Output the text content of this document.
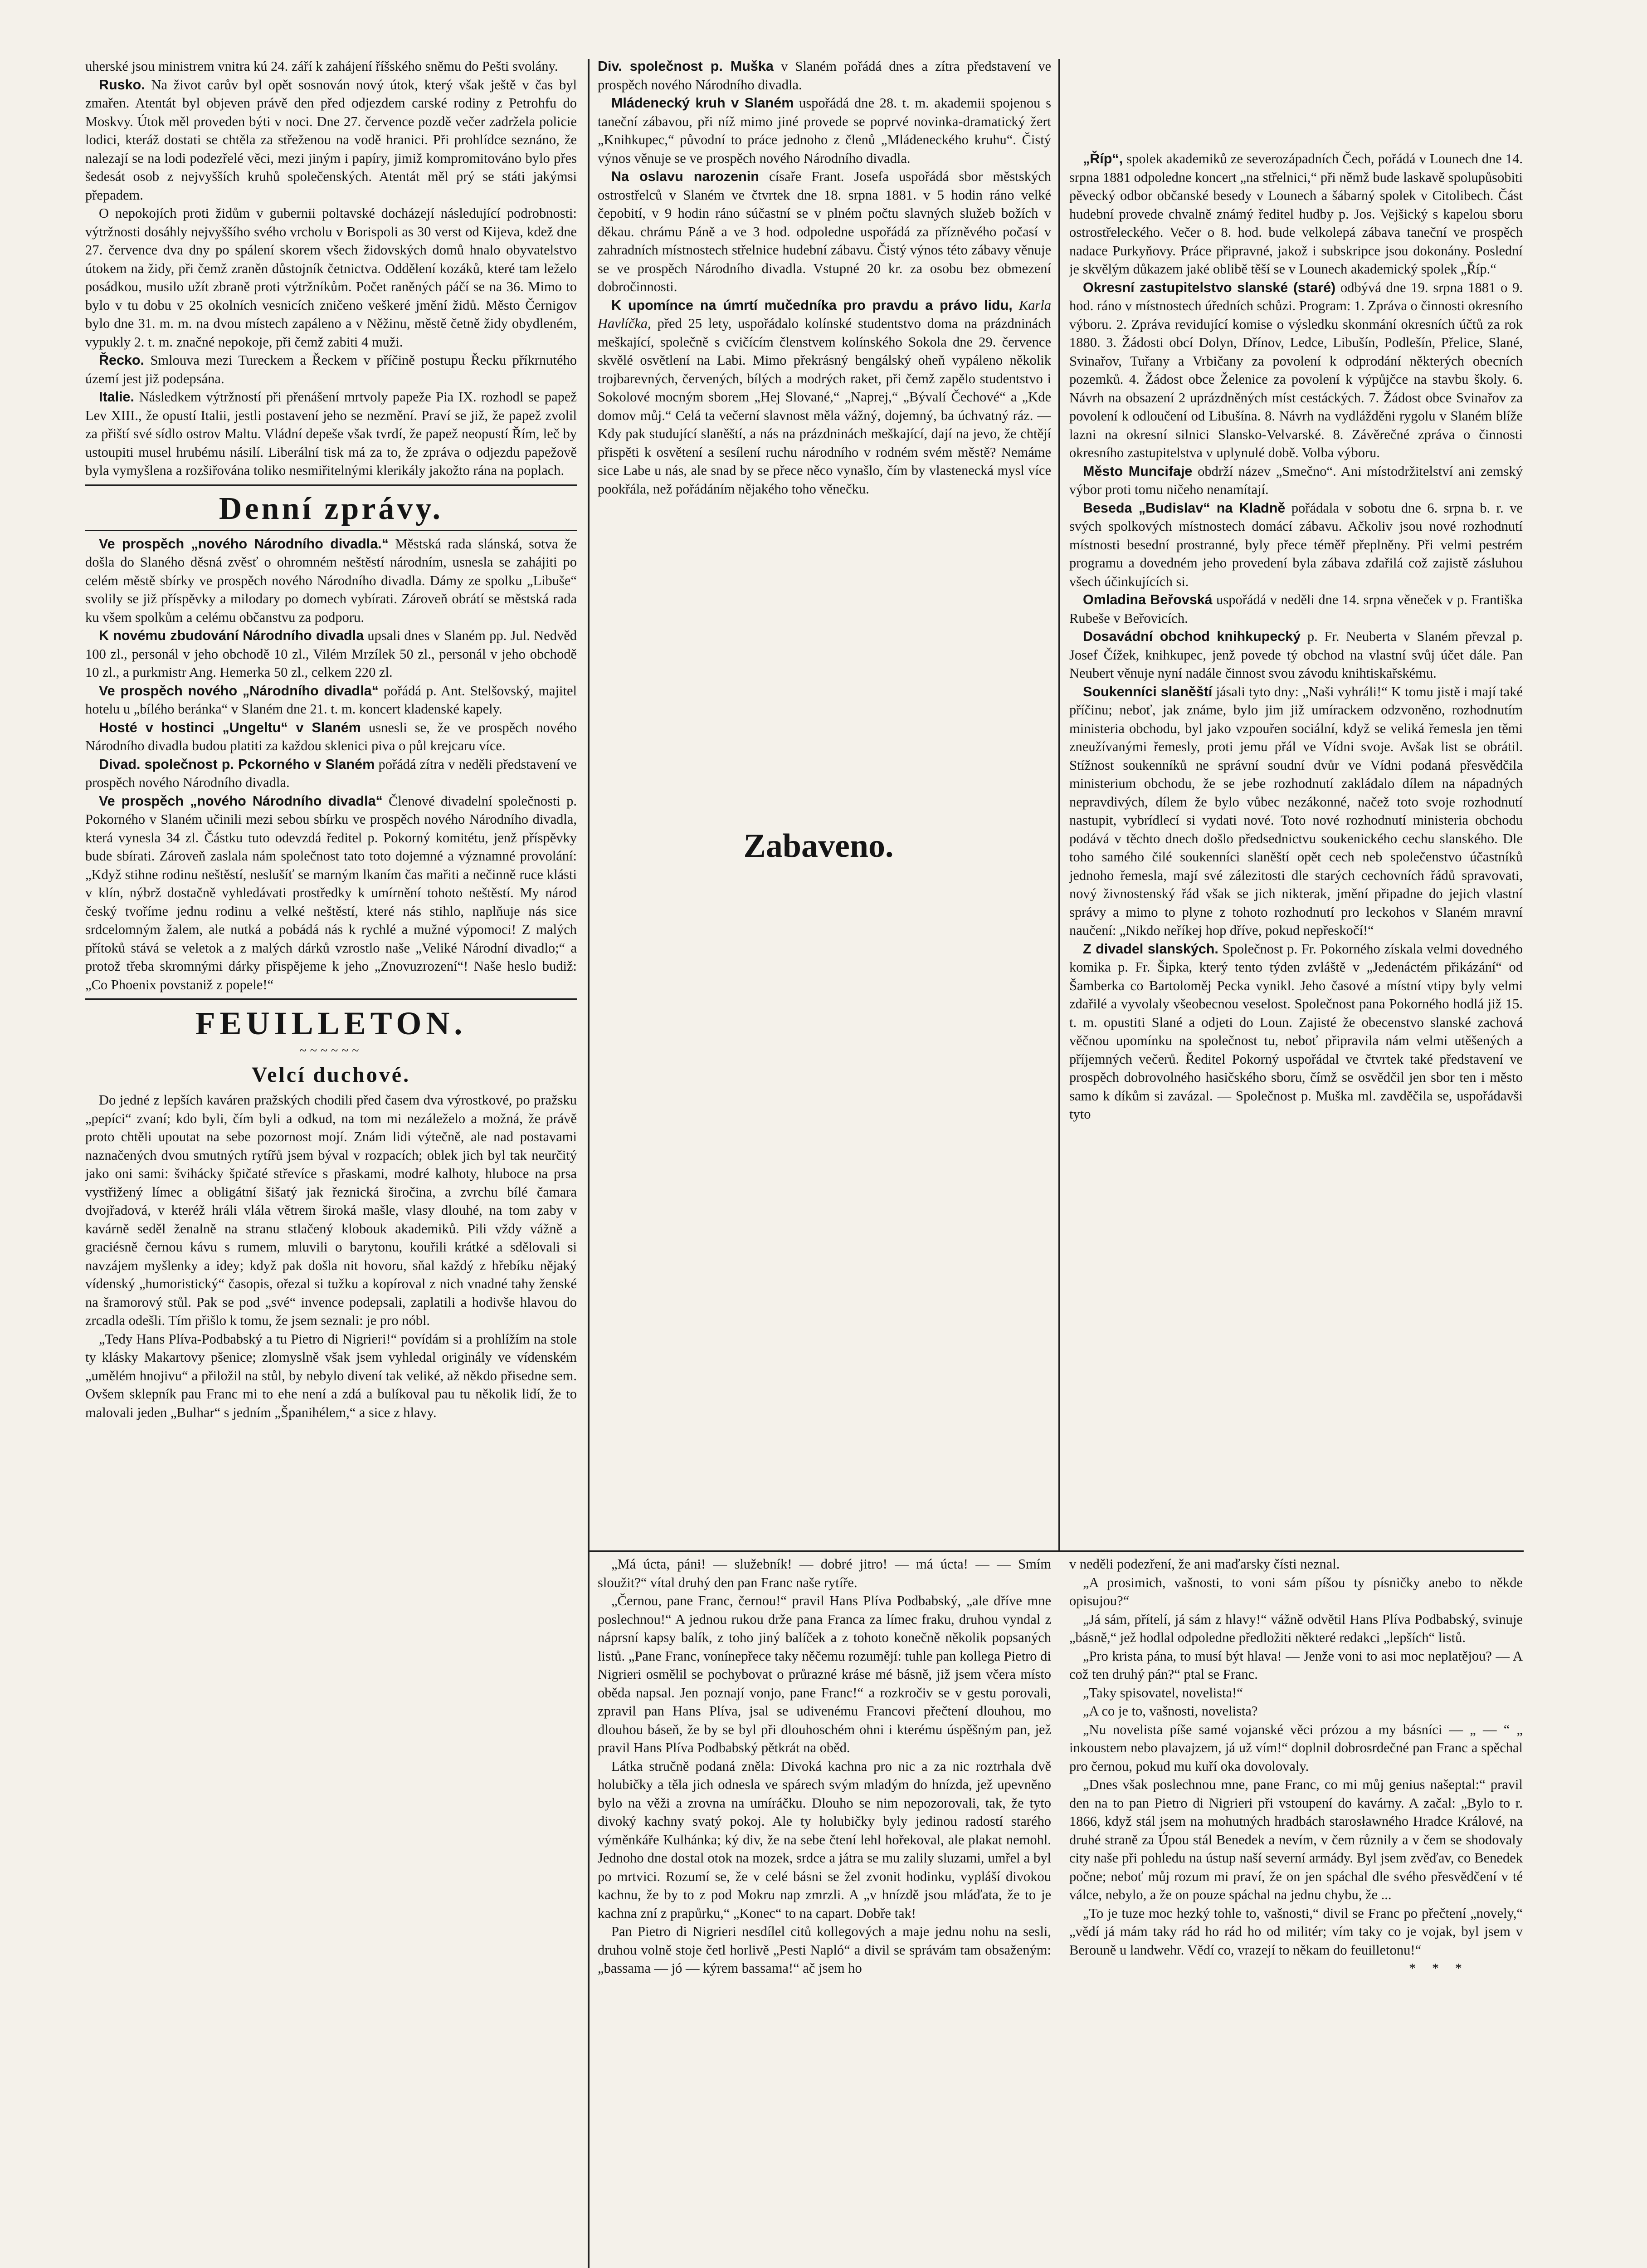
uherské jsou ministrem vnitra kú 24. září k zahájení říšského sněmu do Pešti svolány.

Rusko. Na život carův byl opět sosnován nový útok, který však ještě v čas byl zmařen. Atentát byl objeven právě den před odjezdem carské rodiny z Petrohfu do Moskvy. Útok měl proveden býti v noci. Dne 27. července pozdě večer zadržela policie lodici, kteráž dostati se chtěla za střeženou na vodě hranici. Při prohlídce seznáno, že nalezají se na lodi podezřelé věci, mezi jiným i papíry, jimiž kompromitováno bylo přes šedesát osob z nejvyšších kruhů společenských. Atentát měl prý se státi jakýmsi přepadem.

O nepokojích proti židům v gubernii poltavské docházejí následující podrobnosti: výtržnosti dosáhly nejvyššího svého vrcholu v Borispoli as 30 verst od Kijeva, kdež dne 27. července dva dny po spálení skorem všech židovských domů hnalo obyvatelstvo útokem na židy, při čemž zraněn důstojník četnictva. Oddělení kozáků, které tam leželo posádkou, musilo užít zbraně proti výtržníkům. Počet raněných páčí se na 36. Mimo to bylo v tu dobu v 25 okolních vesnicích zničeno veškeré jmění židů. Město Černigov bylo dne 31. m. m. na dvou místech zapáleno a v Něžinu, městě četně židy obydleném, vypukly 2. t. m. značné nepokoje, při čemž zabiti 4 muži.

Řecko. Smlouva mezi Tureckem a Řeckem v příčině postupu Řecku příkrnutého území jest již podepsána.

Italie. Následkem výtržností při přenášení mrtvoly papeže Pia IX. rozhodl se papež Lev XIII., že opustí Italii, jestli postavení jeho se nezmění. Praví se již, že papež zvolil za přiští své sídlo ostrov Maltu. Vládní depeše však tvrdí, že papež neopustí Řím, leč by ustoupiti musel hrubému násilí. Liberální tisk má za to, že zpráva o odjezdu papežově byla vymyšlena a rozšiřována toliko nesmiřitelnými klerikály jakožto rána na poplach.

Denní zprávy.

Ve prospěch „nového Národního divadla.“ Městská rada slánská, sotva že došla do Slaného děsná zvěsť o ohromném neštěstí národním, usnesla se zahájiti po celém městě sbírky ve prospěch nového Národního divadla. Dámy ze spolku „Libuše“ svolily se již příspěvky a milodary po domech vybírati. Zároveň obrátí se městská rada ku všem spolkům a celému občanstvu za podporu.

K novému zbudování Národního divadla upsali dnes v Slaném pp. Jul. Nedvěd 100 zl., personál v jeho obchodě 10 zl., Vilém Mrzílek 50 zl., personál v jeho obchodě 10 zl., a purkmistr Ang. Hemerka 50 zl., celkem 220 zl.

Ve prospěch nového „Národního divadla“ pořádá p. Ant. Stelšovský, majitel hotelu u „bílého beránka“ v Slaném dne 21. t. m. koncert kladenské kapely.

Hosté v hostinci „Ungeltu“ v Slaném usnesli se, že ve prospěch nového Národního divadla budou platiti za každou sklenici piva o půl krejcaru více.

Divad. společnost p. Pckorného v Slaném pořádá zítra v neděli představení ve prospěch nového Národního divadla.

Ve prospěch „nového Národního divadla“ Členové divadelní společnosti p. Pokorného v Slaném učinili mezi sebou sbírku ve prospěch nového Národního divadla, která vynesla 34 zl. Částku tuto odevzdá ředitel p. Pokorný komitétu, jenž příspěvky bude sbírati. Zároveň zaslala nám společnost tato toto dojemné a významné provolání: „Když stihne rodinu neštěstí, neslušíť se marným lkaním čas mařiti a nečinně ruce klásti v klín, nýbrž dostačně vyhledávati prostředky k umírnění tohoto neštěstí. My národ český tvoříme jednu rodinu a velké neštěstí, které nás stihlo, naplňuje nás sice srdcelomným žalem, ale nutká a pobádá nás k rychlé a mužné výpomoci! Z malých přítoků stává se veletok a z malých dárků vzrostlo naše „Veliké Národní divadlo;“ a protož třeba skromnými dárky přispějeme k jeho „Znovuzrození“! Naše heslo budiž: „Co Phoenix povstaniž z popele!“

FEUILLETON.
~~~~~~
Velcí duchové.

Do jedné z lepších kaváren pražských chodili před časem dva výrostkové, po pražsku „pepíci“ zvaní; kdo byli, čím byli a odkud, na tom mi nezáleželo a možná, že právě proto chtěli upoutat na sebe pozornost mojí. Znám lidi výtečně, ale nad postavami naznačených dvou smutných rytířů jsem býval v rozpacích; oblek jich byl tak neurčitý jako oni sami: švihácky špičaté střevíce s přaskami, modré kalhoty, hluboce na prsa vystřižený límec a obligátní šišatý jak řeznická širočina, a zvrchu bílé čamara dvojřadová, v kteréž hráli vlála větrem široká mašle, vlasy dlouhé, na tom zaby v kavárně seděl ženalně na stranu stlačený klobouk akademiků. Pili vždy vážně a graciésně černou kávu s rumem, mluvili o barytonu, kouřili krátké a sdělovali si navzájem myšlenky a idey; když pak došla nit hovoru, sňal každý z hřebíku nějaký vídenský „humoristický“ časopis, ořezal si tužku a kopíroval z nich vnadné tahy ženské na šramorový stůl. Pak se pod „své“ invence podepsali, zaplatili a hodivše hlavou do zrcadla odešli. Tím přišlo k tomu, že jsem seznali: je pro nóbl.

„Tedy Hans Plíva-Podbabský a tu Pietro di Nigrieri!“ povídám si a prohlížím na stole ty klásky Makartovy pšenice; zlomyslně však jsem vyhledal originály ve vídenském „umělém hnojivu“ a přiložil na stůl, by nebylo divení tak veliké, až někdo přisedne sem. Ovšem sklepník pau Franc mi to ehe není a zdá a bulíkoval pau tu několik lidí, že to malovali jeden „Bulhar“ s jedním „Španihélem,“ a sice z hlavy.

Div. společnost p. Muška v Slaném pořádá dnes a zítra představení ve prospěch nového Národního divadla.

Mládenecký kruh v Slaném uspořádá dne 28. t. m. akademii spojenou s taneční zábavou, při níž mimo jiné provede se poprvé novinka-dramatický žert „Knihkupec,“ původní to práce jednoho z členů „Mládeneckého kruhu“. Čistý výnos věnuje se ve prospěch nového Národního divadla.

Na oslavu narozenin císaře Frant. Josefa uspořádá sbor městských ostrostřelců v Slaném ve čtvrtek dne 18. srpna 1881. v 5 hodin ráno velké čepobití, v 9 hodin ráno súčastní se v plném počtu slavných služeb božích v děkau. chrámu Páně a ve 3 hod. odpoledne uspořádá za přízněvého počasí v zahradních místnostech střelnice hudební zábavu. Čistý výnos této zábavy věnuje se ve prospěch Národního divadla. Vstupné 20 kr. za osobu bez obmezení dobročinnosti.

K upomínce na úmrtí mučedníka pro pravdu a právo lidu, Karla Havlíčka, před 25 lety, uspořádalo kolínské studentstvo doma na prázdninách meškající, společně s cvičícím členstvem kolínského Sokola dne 29. července skvělé osvětlení na Labi. Mimo překrásný bengálský oheň vypáleno několik trojbarevných, červených, bílých a modrých raket, při čemž zapělo studentstvo i Sokolové mocným sborem „Hej Slované,“ „Naprej,“ „Bývalí Čechové“ a „Kde domov můj.“ Celá ta večerní slavnost měla vážný, dojemný, ba úchvatný ráz. — Kdy pak studující slaněští, a nás na prázdninách meškající, dají na jevo, že chtějí přispěti k osvětení a sesílení ruchu národního v rodném svém městě? Nemáme sice Labe u nás, ale snad by se přece něco vynašlo, čím by vlastenecká mysl více pookřála, než pořádáním nějakého toho věnečku.

Zabaveno.

„Má úcta, páni! — služebník! — dobré jitro! — má úcta! — — Smím sloužit?“ vítal druhý den pan Franc naše rytíře.

„Černou, pane Franc, černou!“ pravil Hans Plíva Podbabský, „ale dříve mne poslechnou!“ A jednou rukou drže pana Franca za límec fraku, druhou vyndal z náprsní kapsy balík, z toho jiný balíček a z tohoto konečně několik popsaných listů. „Pane Franc, vonínepřece taky něčemu rozumějí: tuhle pan kollega Pietro di Nigrieri osmělil se pochybovat o průrazné kráse mé básně, již jsem včera místo oběda napsal. Jen poznají vonjo, pane Franc!“ a rozkročiv se v gestu porovali, zpravil pan Hans Plíva, jsal se udivenému Francovi přečtení dlouhou, mo dlouhou báseň, že by se byl při dlouhoschém ohni i kterému úspěšným pan, jež pravil Hans Plíva Podbabský pětkrát na oběd.

Látka stručně podaná zněla: Divoká kachna pro nic a za nic roztrhala dvě holubičky a těla jich odnesla ve spárech svým mladým do hnízda, jež upevněno bylo na věži a zrovna na umíráčku. Dlouho se nim nepozorovali, tak, že tyto divoký kachny svatý pokoj. Ale ty holubičky byly jedinou radostí starého výměnkáře Kulhánka; ký div, že na sebe čtení lehl hořekoval, ale plakat nemohl. Jednoho dne dostal otok na mozek, srdce a játra se mu zalily sluzami, umřel a byl po mrtvici. Rozumí se, že v celé básni se žel zvonit hodinku, vypláší divokou kachnu, že by to z pod Mokru nap zmrzli. A „v hnízdě jsou mláďata, že to je kachna zní z prapůrku,“ „Konec“ to na capart. Dobře tak!

Pan Pietro di Nigrieri nesdílel citů kollegových a maje jednu nohu na sesli, druhou volně stoje četl horlivě „Pesti Napló“ a divil se správám tam obsaženým: „bassama — jó — kýrem bassama!“ ač jsem ho

„Říp“, spolek akademiků ze severozápadních Čech, pořádá v Lounech dne 14. srpna 1881 odpoledne koncert „na střelnici,“ při němž bude laskavě spolupůsobiti pěvecký odbor občanské besedy v Lounech a šábarný spolek v Citolibech. Část hudební provede chvalně známý ředitel hudby p. Jos. Vejšický s kapelou sboru ostrostřeleckého. Večer o 8. hod. bude velkolepá zábava taneční ve prospěch nadace Purkyňovy. Práce připravné, jakož i subskripce jsou dokonány. Poslední je skvělým důkazem jaké oblibě těší se v Lounech akademický spolek „Říp.“

Okresní zastupitelstvo slanské (staré) odbývá dne 19. srpna 1881 o 9. hod. ráno v místnostech úředních schůzi. Program: 1. Zpráva o činnosti okresního výboru. 2. Zpráva revidující komise o výsledku skonmání okresních účtů za rok 1880. 3. Žádosti obcí Dolyn, Dřínov, Ledce, Libušín, Podlešín, Přelice, Slané, Svinařov, Tuřany a Vrbičany za povolení k odprodání některých obecních pozemků. 4. Žádost obce Želenice za povolení k výpůjčce na stavbu školy. 6. Návrh na obsazení 2 uprázdněných míst cestáckých. 7. Žádost obce Svinařov za povolení k odloučení od Libušína. 8. Návrh na vydlážděni rygolu v Slaném blíže laznі na okresní silnici Slansko-Velvarské. 8. Závěrečné zpráva o činnosti okresního zastupitelstva v uplynulé době. Volba výboru.

Město Muncifaje obdrží název „Smečno“. Ani místodržitelství ani zemský výbor proti tomu ničeho nenamítají.

Beseda „Budislav“ na Kladně pořádala v sobotu dne 6. srpna b. r. ve svých spolkových místnostech domácí zábavu. Ačkoliv jsou nové rozhodnutí místnosti besední prostranné, byly přece téměř přeplněny. Při velmi pestrém programu a dovedném jeho provedení byla zábava zdařilá což zajistě zásluhou všech účinkujících si.

Omladina Beřovská uspořádá v neděli dne 14. srpna věneček v p. Františka Rubeše v Beřovicích.

Dosavádní obchod knihkupecký p. Fr. Neuberta v Slaném převzal p. Josef Čížek, knihkupec, jenž povede tý obchod na vlastní svůj účet dále. Pan Neubert věnuje nyní nadále činnost svou závodu knihtiskařskému.

Soukenníci slaněští jásali tyto dny: „Naši vyhráli!“ K tomu jistě i mají také příčinu; neboť, jak známe, bylo jim již umírackem odzvoněno, rozhodnutím ministeria obchodu, byl jako vzpouřen sociální, když se veliká řemesla jen těmi zneužívanými řemesly, proti jemu přál ve Vídni svoje. Avšak list se obrátil. Stížnost soukenníků ne správní soudní dvůr ve Vídni podaná přesvědčila ministerium obchodu, že se jebe rozhodnutí zakládalo dílem na nápadných nepravdivých, dílem že bylo vůbec nezákonné, načež toto svoje rozhodnutí nastupit, vybrídlecí si vydati nové. Toto nové rozhodnutí ministeria obchodu podává v těchto dnech došlo předsednictvu soukenického cechu slanského. Dle toho samého čilé soukenníci slaněští opět cech neb společenstvo účastníků jednoho řemesla, mají své zálezitosti dle starých cechovních řádů spravovati, nový živnostenský řád však se jich nikterak, jmění připadne do jejich vlastní správy a mimo to plyne z tohoto rozhodnutí pro leckohos v Slaném mravní naučení: „Nikdo neříkej hop dříve, pokud nepřeskočí!“

Z divadel slanských. Společnost p. Fr. Pokorného získala velmi dovedného komika p. Fr. Šipka, který tento týden zvláště v „Jedenáctém přikázání“ od Šamberka co Bartoloměj Pecka vynikl. Jeho časové a místní vtipy byly velmi zdařilé a vyvolaly všeobecnou veselost. Společnost pana Pokorného hodlá již 15. t. m. opustiti Slané a odjeti do Loun. Zajisté že obecenstvo slanské zachová věčnou upomínku na společnost tu, neboť připravila nám velmi utěšených a příjemných večerů. Ředitel Pokorný uspořádal ve čtvrtek také představení ve prospěch dobrovolného hasičského sboru, čímž se osvědčil jen sbor ten i město samo k díkům si zavázal. — Společnost p. Muška ml. zavděčila se, uspořádavši tyto

v neděli podezření, že ani maďarsky čísti neznal.

„A prosimich, vašnosti, to voni sám píšou ty písničky anebo to někde opisujou?“

„Já sám, přítelí, já sám z hlavy!“ vážně odvětil Hans Plíva Podbabský, svinuje „básně,“ jež hodlal odpoledne předložiti některé redakci „lepších“ listů.

„Pro krista pána, to musí být hlava! — Jenže voni to asi moc neplatějou? — A což ten druhý pán?“ ptal se Franc.

„Taky spisovatel, novelista!“

„A co je to, vašnosti, novelista?

„Nu novelista píše samé vojanské věci prózou a my básníci — „ — “ „ inkoustem nebo plavajzem, já už vím!“ doplnil dobrosrdečné pan Franc a spěchal pro černou, pokud mu kuří oka dovolovaly.

„Dnes však poslechnou mne, pane Franc, co mi můj genius našeptal:“ pravil den na to pan Pietro di Nigrieri při vstoupení do kavárny. A začal: „Bylo to r. 1866, když stál jsem na mohutných hradbách starosławného Hradce Králové, na druhé straně za Úpou stál Benedek a nevím, v čem různily a v čem se shodovaly city naše při pohledu na ústup naší severní armády. Byl jsem zvěďav, co Benedek počne; neboť můj rozum mi praví, že on jen spáchal dle svého přesvědčení v té válce, nebylo, a že on pouze spáchal na jednu chybu, že ...

„To je tuze moc hezký tohle to, vašnosti,“ divil se Franc po přečtení „novely,“ „vědí já mám taky rád ho rád ho od militér; vím taky co je vojak, byl jsem v Berouně u landwehr. Vědí co, vrazejí to někam do feuilletonu!“

* * *
